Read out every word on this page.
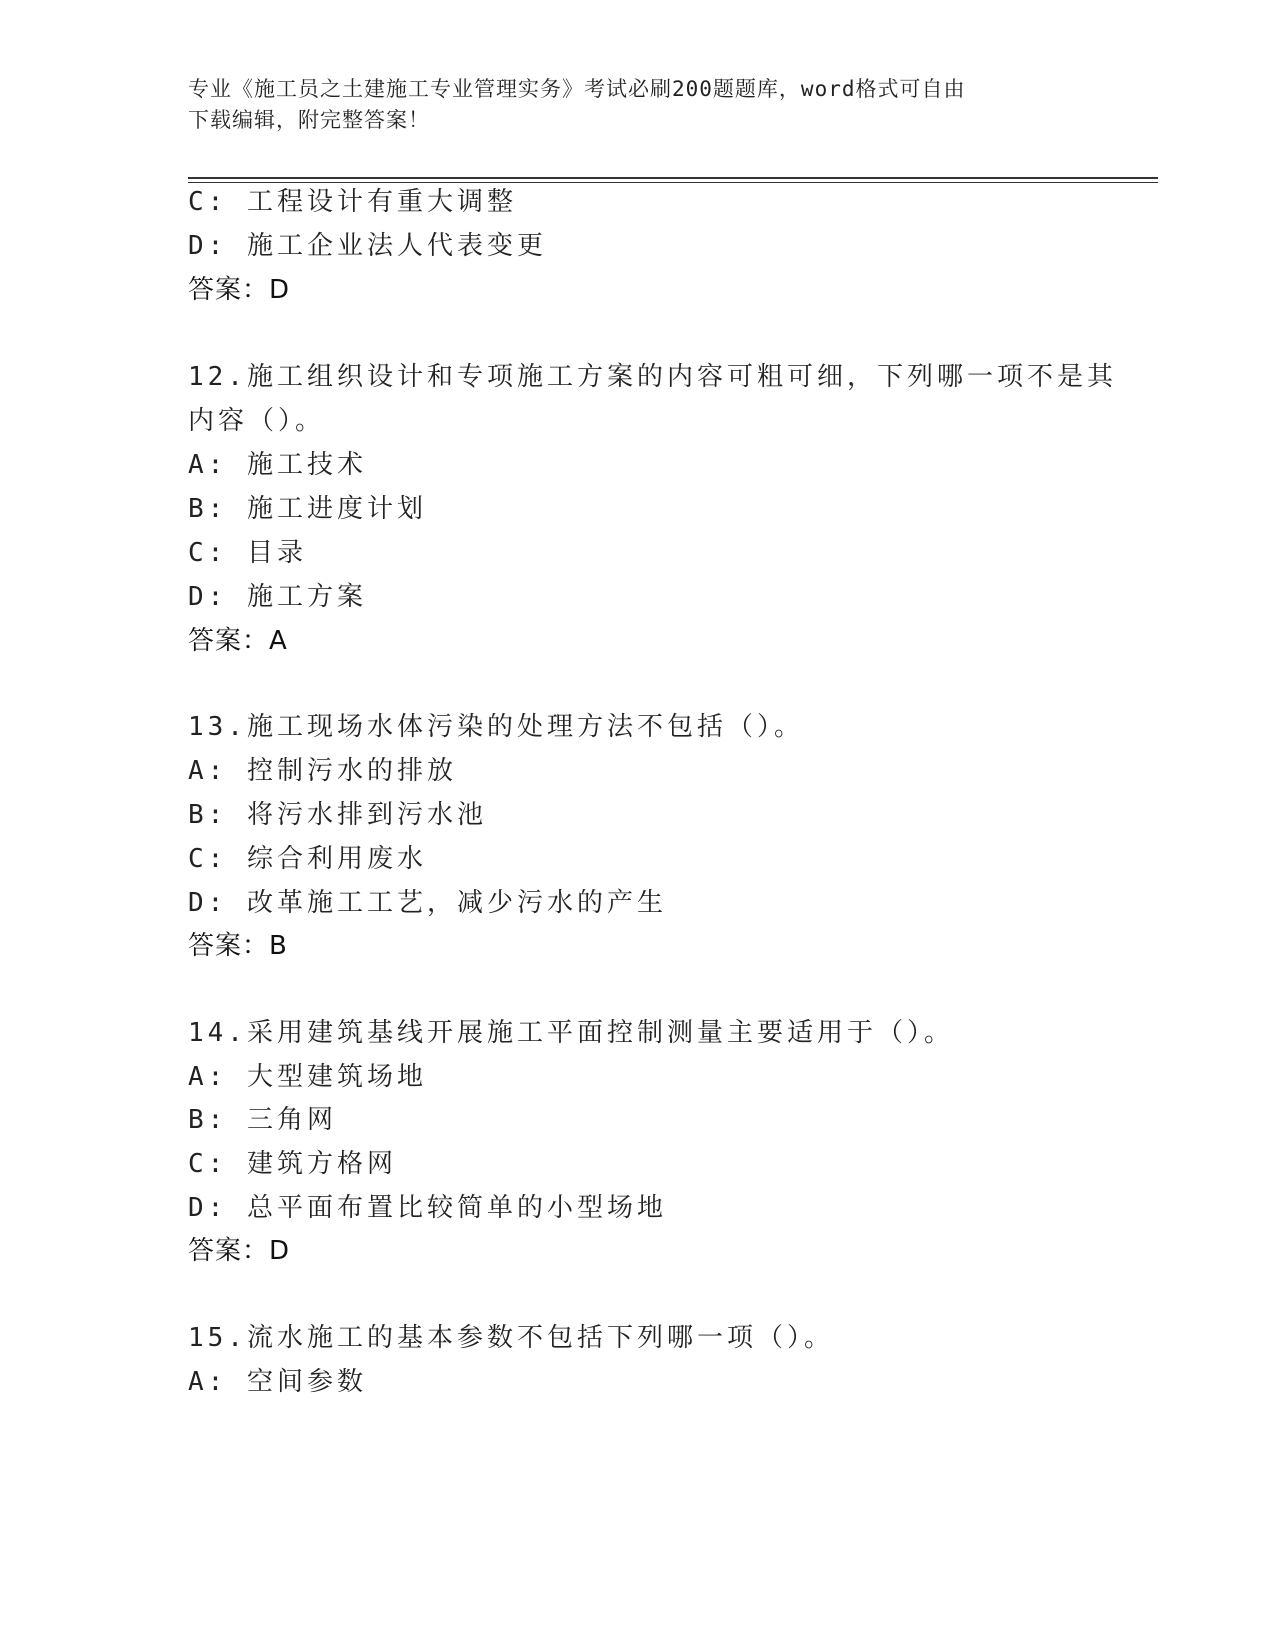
专业《施工员之土建施工专业管理实务》考试必刷200题题库，word格式可自由
下载编辑，附完整答案！
C: 工程设计有重大调整
D: 施工企业法人代表变更
答案：D
12.施工组织设计和专项施工方案的内容可粗可细，下列哪一项不是其
内容（）。
A: 施工技术
B: 施工进度计划
C: 目录
D: 施工方案
答案：A
13.施工现场水体污染的处理方法不包括（）。
A: 控制污水的排放
B: 将污水排到污水池
C: 综合利用废水
D: 改革施工工艺，减少污水的产生
答案：B
14.采用建筑基线开展施工平面控制测量主要适用于（）。
A: 大型建筑场地
B: 三角网
C: 建筑方格网
D: 总平面布置比较简单的小型场地
答案：D
15.流水施工的基本参数不包括下列哪一项（）。
A: 空间参数
